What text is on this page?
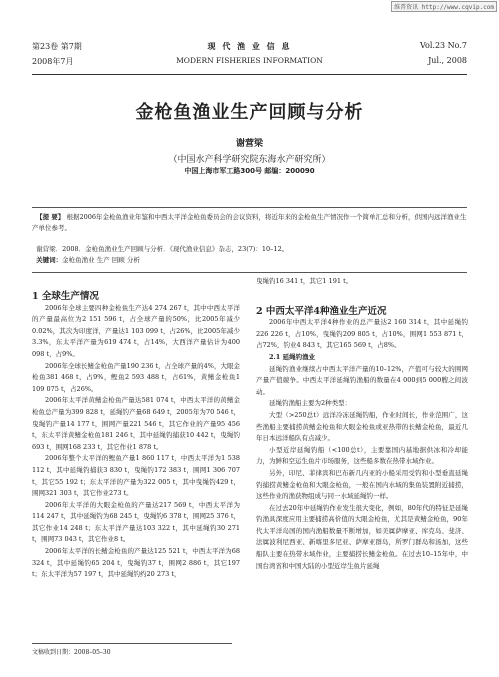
维普资讯 http://www.cqvip.com
第23卷 第7期	现 代 渔 业 信 息	Vol.23 No.7
2008年7月	MODERN FISHERIES INFORMATION	Jul., 2008
金枪鱼渔业生产回顾与分析
谢营梁
（中国水产科学研究院东海水产研究所）
中国上海市军工路300号 邮编：200090

【提 要】 根据2006年金枪鱼渔业年鉴和中西太平洋金枪鱼委员会的会议资料，将近年来的金枪鱼生产情况作一个简单汇总和分析，供国内远洋渔业生产单位参考。

谢营梁．2008．金枪鱼渔业生产回顾与分析．《现代渔业信息》杂志，23(7)：10–12。

关键词：金枪鱼渔业 生产 回顾 分析

1 全球生产情况

2006年全球主要四种金枪鱼生产达4 274 267 t，其中中西太平洋的产量最高位为2 151 596 t，占全球产量的50%，比2005年减少0.02%，其次为印度洋，产量达1 103 099 t，占26%，比2005年减少3.3%，东太平洋产量为619 474 t，占14%，大西洋产量估计为400 098 t，占9%。

2006年全球长鳍金枪鱼产量190 236 t，占全球产量的4%，大眼金枪鱼381 468 t，占9%，鲣鱼2 593 488 t，占61%，黄鳍金枪鱼1 109 075 t，占26%。

2006年太平洋黄鳍金枪鱼产量达581 074 t，中西太平洋的黄鳍金枪鱼总产量为399 828 t，延绳钓产量68 649 t，2005年为70 546 t，曳绳钓产量14 177 t，围网产量221 546 t，其它作业的产量95 456 t，东太平洋黄鳍金枪鱼181 246 t，其中延绳钓捕获10 442 t，曳绳钓693 t，围网168 233 t，其它作业1 878 t。

2006年整个太平洋的鲣鱼产量1 860 117 t，中西太平洋为1 538 112 t，其中延绳钓捕获3 830 t，曳绳钓172 383 t，围网1 306 707 t，其它55 192 t；东太平洋的产量为322 005 t，其中曳绳钓429 t，围网321 303 t，其它作业273 t。

2006年太平洋的大眼金枪鱼的产量达217 569 t，中西太平洋为114 247 t，其中延绳钓为68 245 t，曳绳钓6 378 t，围网25 376 t，其它作业14 248 t；东太平洋产量达103 322 t，其中延绳钓30 271 t，围网73 043 t，其它作业8 t。

2006年太平洋的长鳍金枪鱼的产量达125 521 t，中西太平洋为68 324 t，其中延绳钓65 204 t，曳绳钓37 t，围网2 886 t，其它197 t；东太平洋为57 197 t，其中延绳钓约20 273 t，

文稿收到日期：2008–05–30

曳绳钓16 341 t，其它1 191 t。

2 中西太平洋4种渔业生产近况

2006年中西太平洋4种作业的总产量达2 160 314 t，其中延绳钓226 226 t，占10%，曳绳钓209 805 t，占10%，围网1 553 871 t，占72%，钓业4 843 t，其它165 569 t，占8%。

2.1 延绳钓渔业

延绳钓渔业继续占中西太平洋产量的10–12%，产值可与较大的围网产量产值競争。中西太平洋延绳钓渔船的数量在4 000到5 000艘之间波动。

延绳钓渔船主要为2种类型：

大型（>250总t）远洋冷冻延绳钓船，作业时间长，作业范围广，这些渔船主要捕捞黄鳍金枪鱼和大眼金枪鱼或亚热带的长鳍金枪鱼，最近几年日本远洋船队有点减少。

小型近岸延绳钓船（<100总t），主要靠国内基地据供冰和冷却能力，为鲜和空运生鱼片市场服务，这些船多数在热带水域作业。

另外，印尼、菲律宾和巴布新几内亚的小船采用受钓和小型垂直延绳钓捕捞黄鳍金枪鱼和大眼金枪鱼，一般在国内水域的集鱼装置附近捕捞，这些作业的渔获物组成与同一水域延绳钓一样。

在过去20年中延绳钓作业发生很大变化，例如，80年代的特征是延绳钓渔具深度应用主要捕捞高价值的大眼金枪鱼，尤其是黄鳍金枪鱼，90年代太平洋岛国的国内渔船数量不断增加，如美属萨摩亚、库克岛、斐济、法属波利尼西亚、新喀里多尼亚、萨摩亚群岛，所罗门群岛和汤加，这些船队主要在热带水域作业，主要捕捞长鳍金枪鱼。在过去10–15年中，中国台湾省和中国大陆的小型近岸生鱼片延绳
